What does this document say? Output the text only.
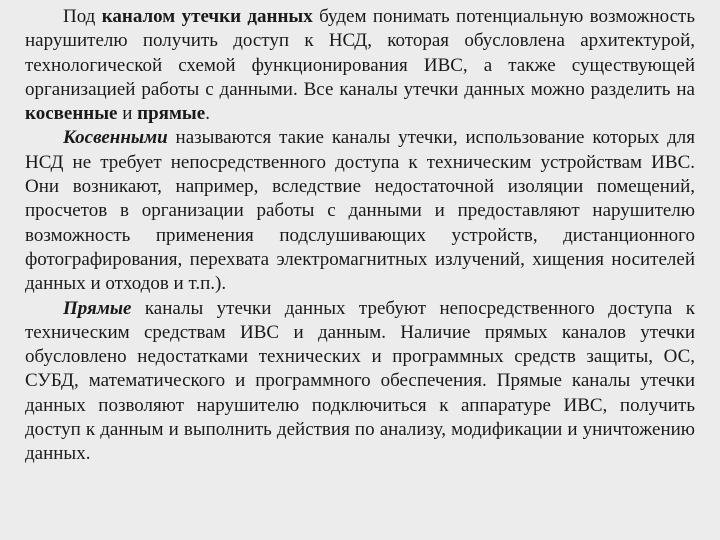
Под каналом утечки данных будем понимать потенциальную возможность нарушителю получить доступ к НСД, которая обусловлена архитектурой, технологической схемой функционирования ИВС, а также существующей организацией работы с данными. Все каналы утечки данных можно разделить на косвенные и прямые.

Косвенными называются такие каналы утечки, использование которых для НСД не требует непосредственного доступа к техническим устройствам ИВС. Они возникают, например, вследствие недостаточной изоляции помещений, просчетов в организации работы с данными и предоставляют нарушителю возможность применения подслушивающих устройств, дистанционного фотографирования, перехвата электромагнитных излучений, хищения носителей данных и отходов и т.п.).

Прямые каналы утечки данных требуют непосредственного доступа к техническим средствам ИВС и данным. Наличие прямых каналов утечки обусловлено недостатками технических и программных средств защиты, ОС, СУБД, математического и программного обеспечения. Прямые каналы утечки данных позволяют нарушителю подключиться к аппаратуре ИВС, получить доступ к данным и выполнить действия по анализу, модификации и уничтожению данных.
